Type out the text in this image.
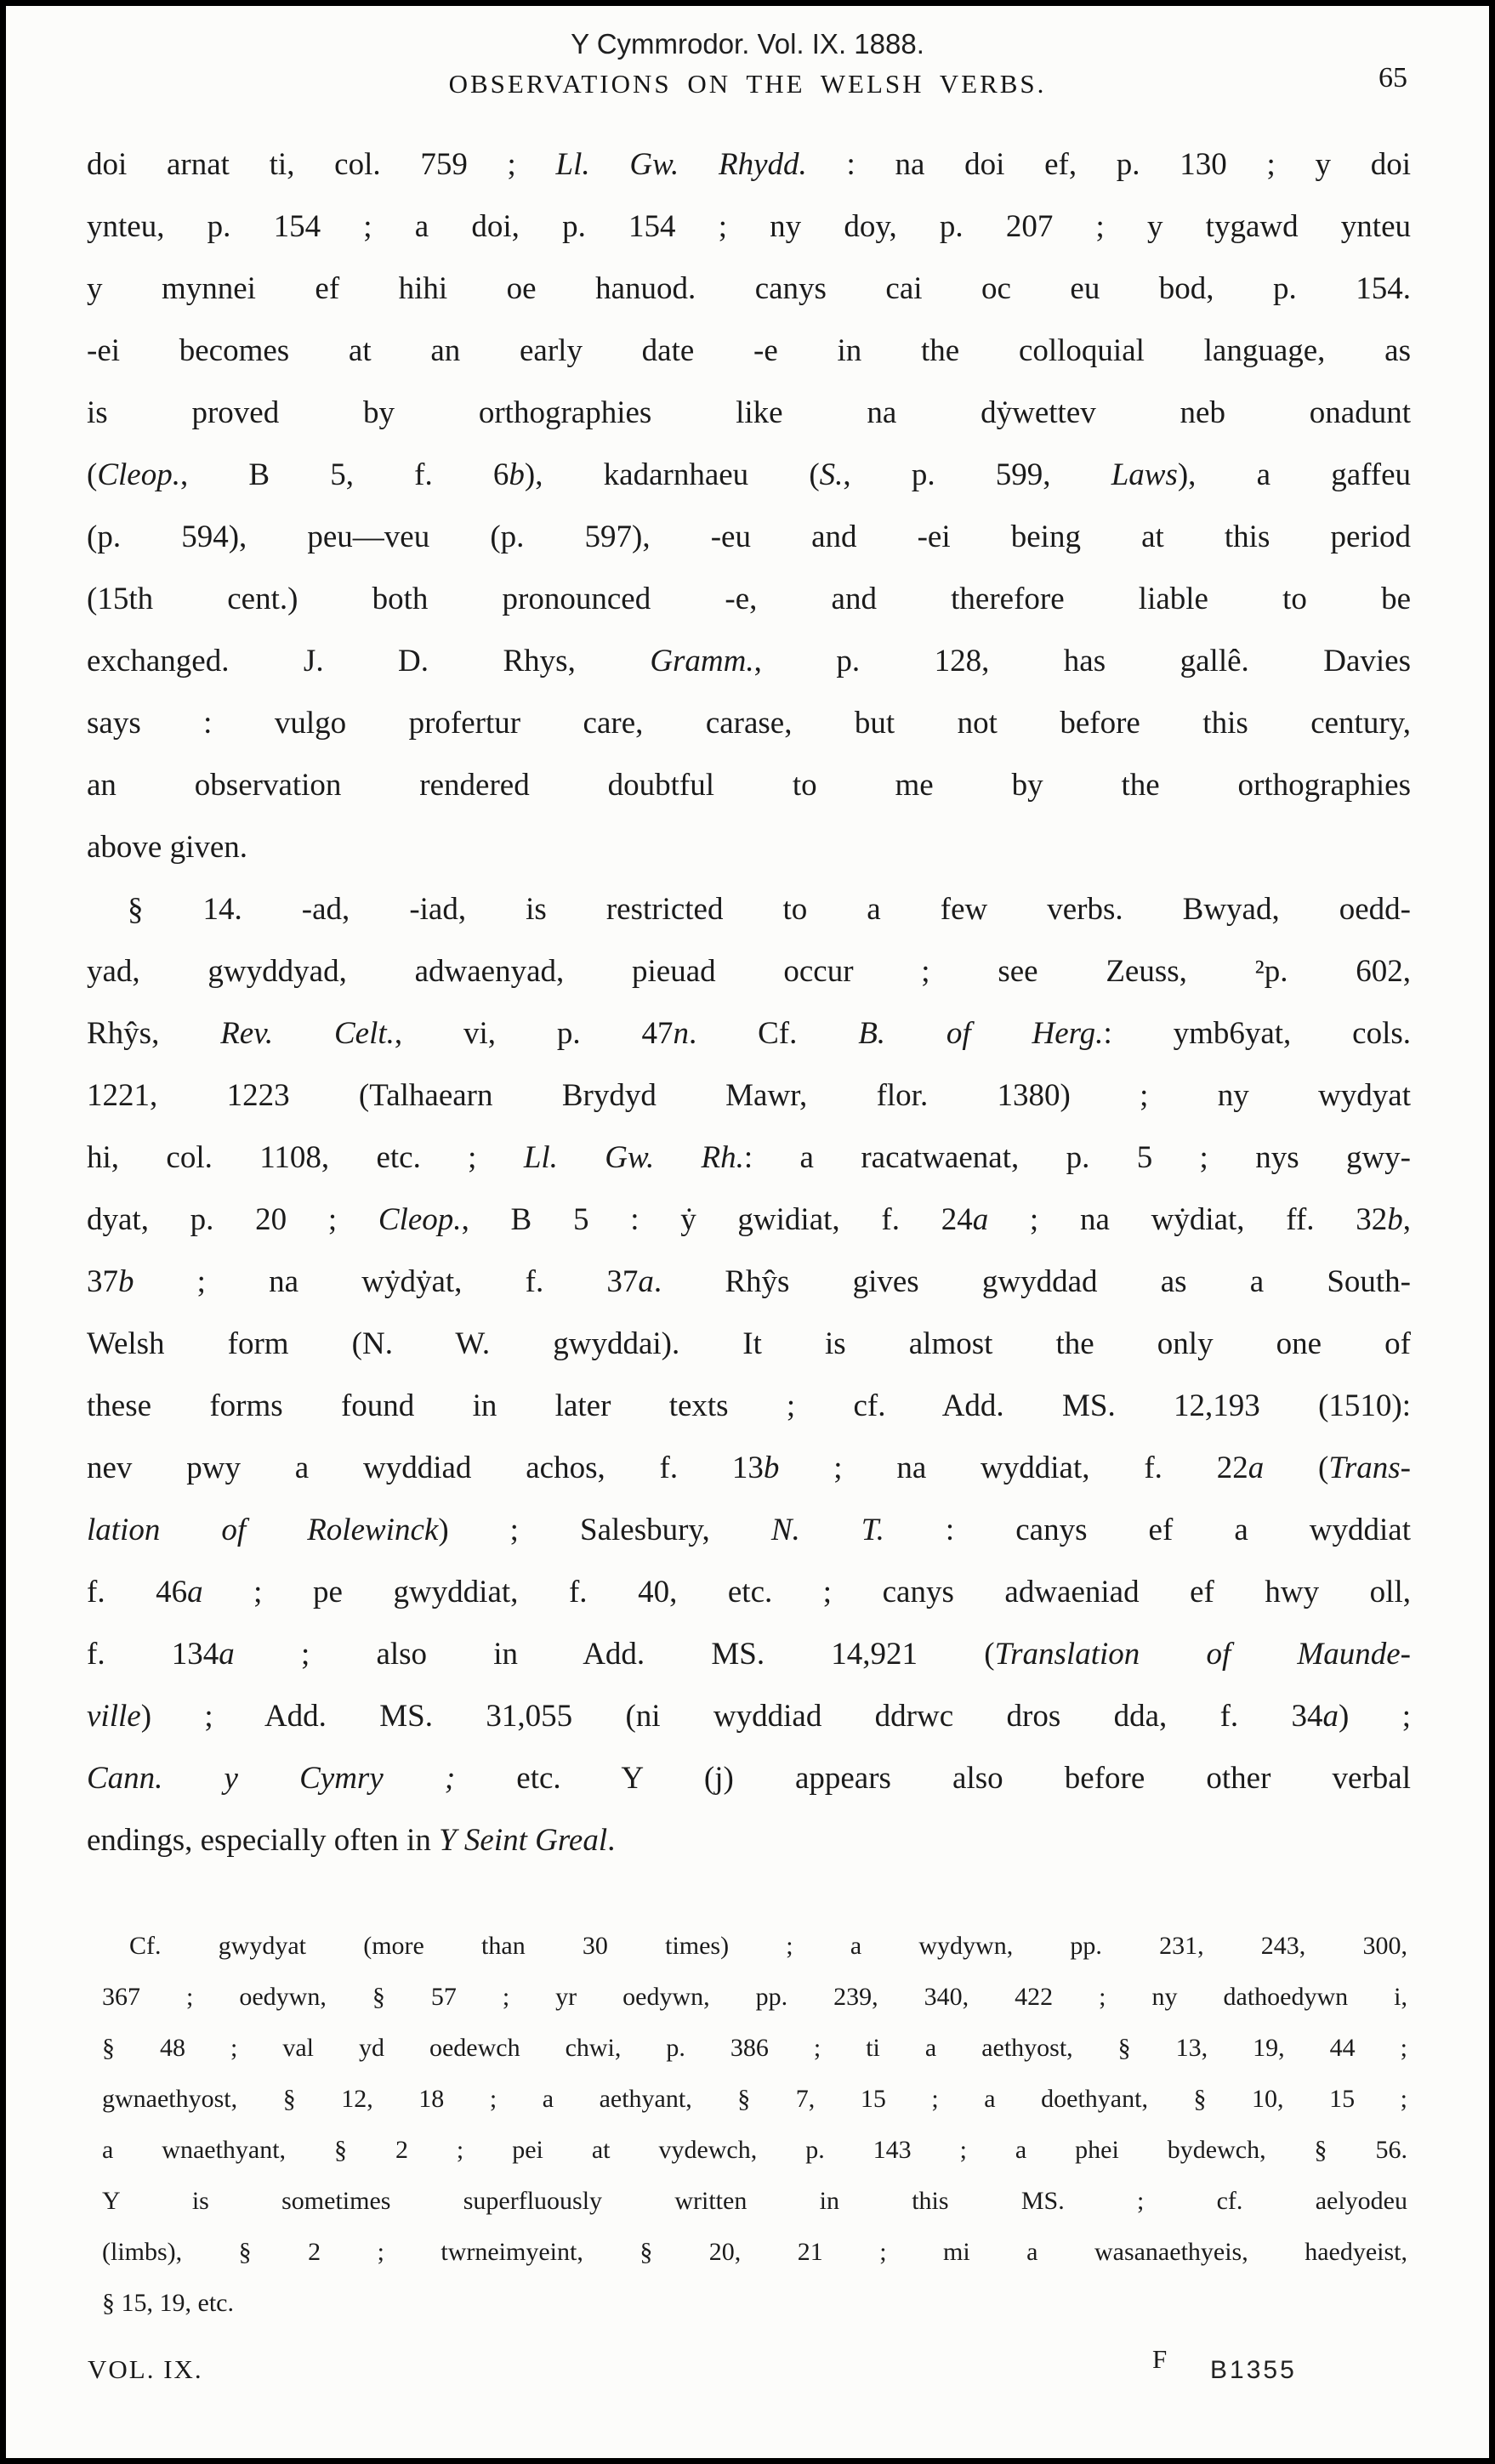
Y Cymmrodor. Vol. IX. 1888.
OBSERVATIONS ON THE WELSH VERBS.	65
doi arnat ti, col. 759 ; Ll. Gw. Rhydd. : na doi ef, p. 130 ; y doi
ynteu, p. 154 ; a doi, p. 154 ; ny doy, p. 207 ; y tygawd ynteu
y mynnei ef hihi oe hanuod. canys cai oc eu bod, p. 154.
-ei becomes at an early date -e in the colloquial language, as
is proved by orthographies like na dẏwettev neb onadunt
(Cleop., B 5, f. 6b), kadarnhaeu (S., p. 599, Laws), a gaffeu
(p. 594), peu—veu (p. 597), -eu and -ei being at this period
(15th cent.) both pronounced -e, and therefore liable to be
exchanged. J. D. Rhys, Gramm., p. 128, has gallê. Davies
says : vulgo profertur care, carase, but not before this century,
an observation rendered doubtful to me by the orthographies
above given.
§ 14. -ad, -iad, is restricted to a few verbs. Bwyad, oedd-
yad, gwyddyad, adwaenyad, pieuad occur ; see Zeuss, ²p. 602,
Rhŷs, Rev. Celt., vi, p. 47n. Cf. B. of Herg.: ymb6yat, cols.
1221, 1223 (Talhaearn Brydyd Mawr, flor. 1380) ; ny wydyat
hi, col. 1108, etc. ; Ll. Gw. Rh.: a racatwaenat, p. 5 ; nys gwy-
dyat, p. 20 ; Cleop., B 5 : ẏ gwidiat, f. 24a ; na wẏdiat, ff. 32b,
37b ; na wẏdẏat, f. 37a. Rhŷs gives gwyddad as a South-
Welsh form (N. W. gwyddai). It is almost the only one of
these forms found in later texts ; cf. Add. MS. 12,193 (1510):
nev pwy a wyddiad achos, f. 13b ; na wyddiat, f. 22a (Trans-
lation of Rolewinck) ; Salesbury, N. T. : canys ef a wyddiat
f. 46a ; pe gwyddiat, f. 40, etc. ; canys adwaeniad ef hwy oll,
f. 134a ; also in Add. MS. 14,921 (Translation of Maunde-
ville) ; Add. MS. 31,055 (ni wyddiad ddrwc dros dda, f. 34a) ;
Cann. y Cymry ; etc. Y (j) appears also before other verbal
endings, especially often in Y Seint Greal.
Cf. gwydyat (more than 30 times) ; a wydywn, pp. 231, 243, 300,
367 ; oedywn, § 57 ; yr oedywn, pp. 239, 340, 422 ; ny dathoedywn i,
§ 48 ; val yd oedewch chwi, p. 386 ; ti a aethyost, § 13, 19, 44 ;
gwnaethyost, § 12, 18 ; a aethyant, § 7, 15 ; a doethyant, § 10, 15 ;
a wnaethyant, § 2 ; pei at vydewch, p. 143 ; a phei bydewch, § 56.
Y is sometimes superfluously written in this MS. ; cf. aelyodeu
(limbs), § 2 ; twrneimyeint, § 20, 21 ; mi a wasanaethyeis, haedyeist,
§ 15, 19, etc.
VOL. IX.	F B1355
